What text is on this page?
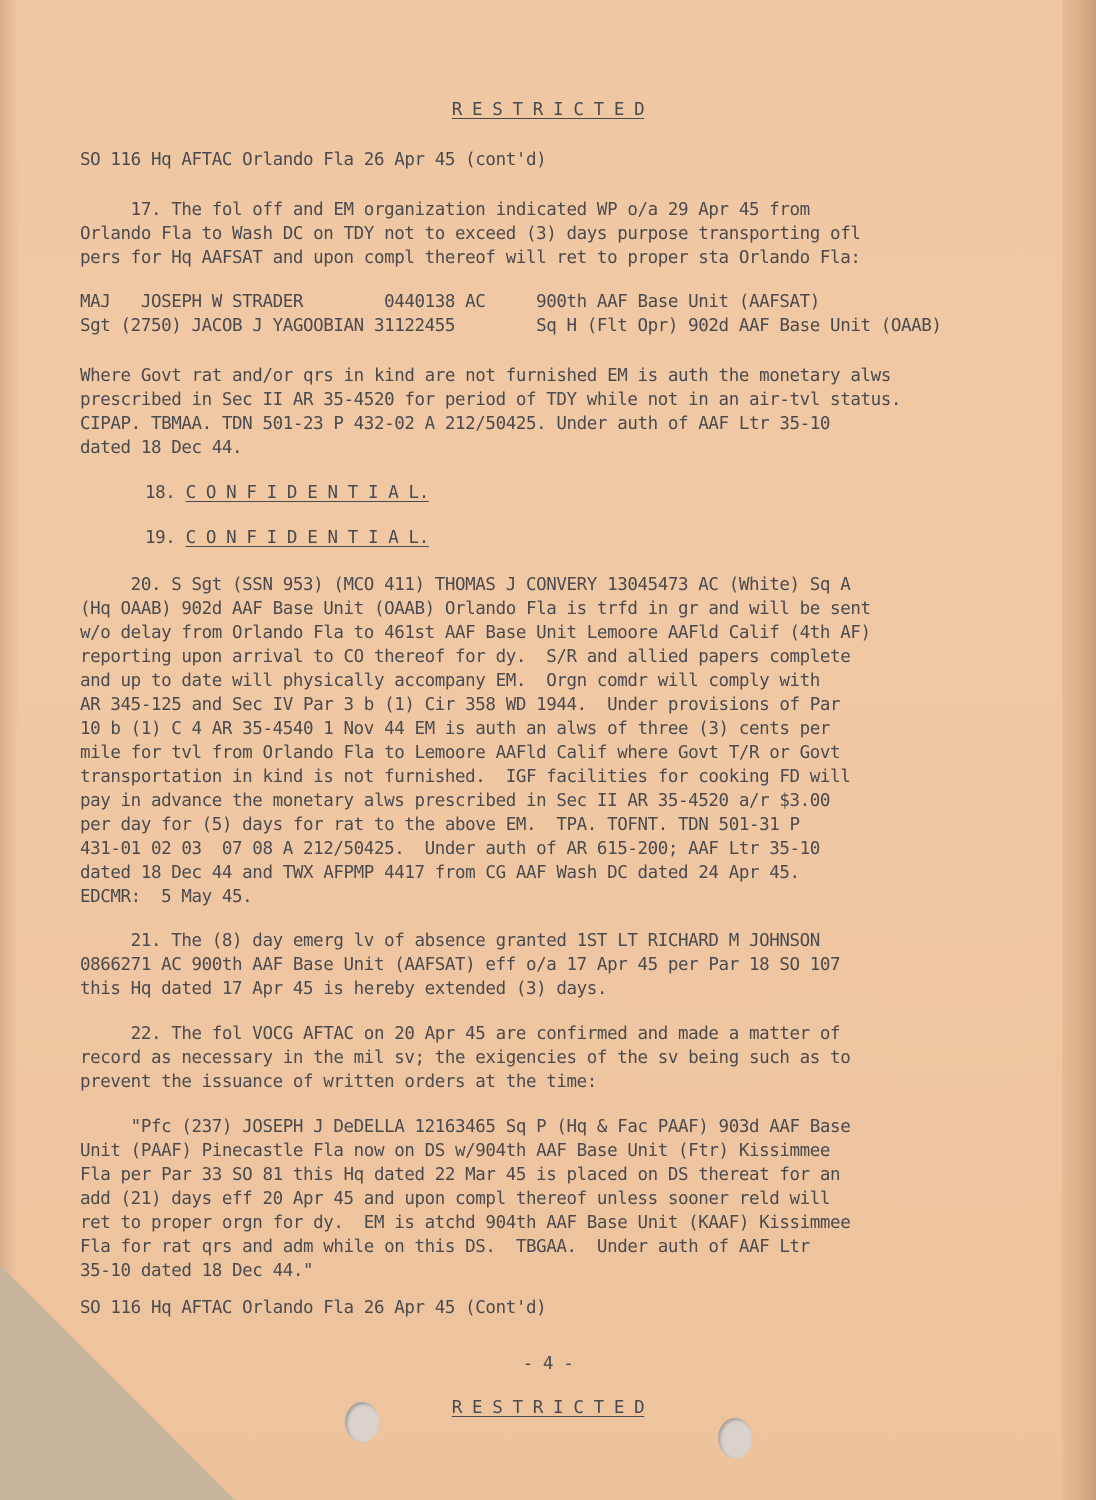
R E S T R I C T E D
SO 116 Hq AFTAC Orlando Fla 26 Apr 45 (cont'd)
17. The fol off and EM organization indicated WP o/a 29 Apr 45 from
Orlando Fla to Wash DC on TDY not to exceed (3) days purpose transporting ofl
pers for Hq AAFSAT and upon compl thereof will ret to proper sta Orlando Fla:
MAJ   JOSEPH W STRADER        0440138 AC     900th AAF Base Unit (AAFSAT)
Sgt (2750) JACOB J YAGOOBIAN 31122455        Sq H (Flt Opr) 902d AAF Base Unit (OAAB)
Where Govt rat and/or qrs in kind are not furnished EM is auth the monetary alws
prescribed in Sec II AR 35-4520 for period of TDY while not in an air-tvl status.
CIPAP. TBMAA. TDN 501-23 P 432-02 A 212/50425. Under auth of AAF Ltr 35-10
dated 18 Dec 44.
18. C O N F I D E N T I A L.
19. C O N F I D E N T I A L.
20. S Sgt (SSN 953) (MCO 411) THOMAS J CONVERY 13045473 AC (White) Sq A
(Hq OAAB) 902d AAF Base Unit (OAAB) Orlando Fla is trfd in gr and will be sent
w/o delay from Orlando Fla to 461st AAF Base Unit Lemoore AAFld Calif (4th AF)
reporting upon arrival to CO thereof for dy.  S/R and allied papers complete
and up to date will physically accompany EM.  Orgn comdr will comply with
AR 345-125 and Sec IV Par 3 b (1) Cir 358 WD 1944.  Under provisions of Par
10 b (1) C 4 AR 35-4540 1 Nov 44 EM is auth an alws of three (3) cents per
mile for tvl from Orlando Fla to Lemoore AAFld Calif where Govt T/R or Govt
transportation in kind is not furnished.  IGF facilities for cooking FD will
pay in advance the monetary alws prescribed in Sec II AR 35-4520 a/r $3.00
per day for (5) days for rat to the above EM.  TPA. TOFNT. TDN 501-31 P
431-01 02 03  07 08 A 212/50425.  Under auth of AR 615-200; AAF Ltr 35-10
dated 18 Dec 44 and TWX AFPMP 4417 from CG AAF Wash DC dated 24 Apr 45.
EDCMR:  5 May 45.
21. The (8) day emerg lv of absence granted 1ST LT RICHARD M JOHNSON
0866271 AC 900th AAF Base Unit (AAFSAT) eff o/a 17 Apr 45 per Par 18 SO 107
this Hq dated 17 Apr 45 is hereby extended (3) days.
22. The fol VOCG AFTAC on 20 Apr 45 are confirmed and made a matter of
record as necessary in the mil sv; the exigencies of the sv being such as to
prevent the issuance of written orders at the time:
"Pfc (237) JOSEPH J DeDELLA 12163465 Sq P (Hq & Fac PAAF) 903d AAF Base
Unit (PAAF) Pinecastle Fla now on DS w/904th AAF Base Unit (Ftr) Kissimmee
Fla per Par 33 SO 81 this Hq dated 22 Mar 45 is placed on DS thereat for an
add (21) days eff 20 Apr 45 and upon compl thereof unless sooner reld will
ret to proper orgn for dy.  EM is atchd 904th AAF Base Unit (KAAF) Kissimmee
Fla for rat qrs and adm while on this DS.  TBGAA.  Under auth of AAF Ltr
35-10 dated 18 Dec 44."
SO 116 Hq AFTAC Orlando Fla 26 Apr 45 (Cont'd)
- 4 -
R E S T R I C T E D
